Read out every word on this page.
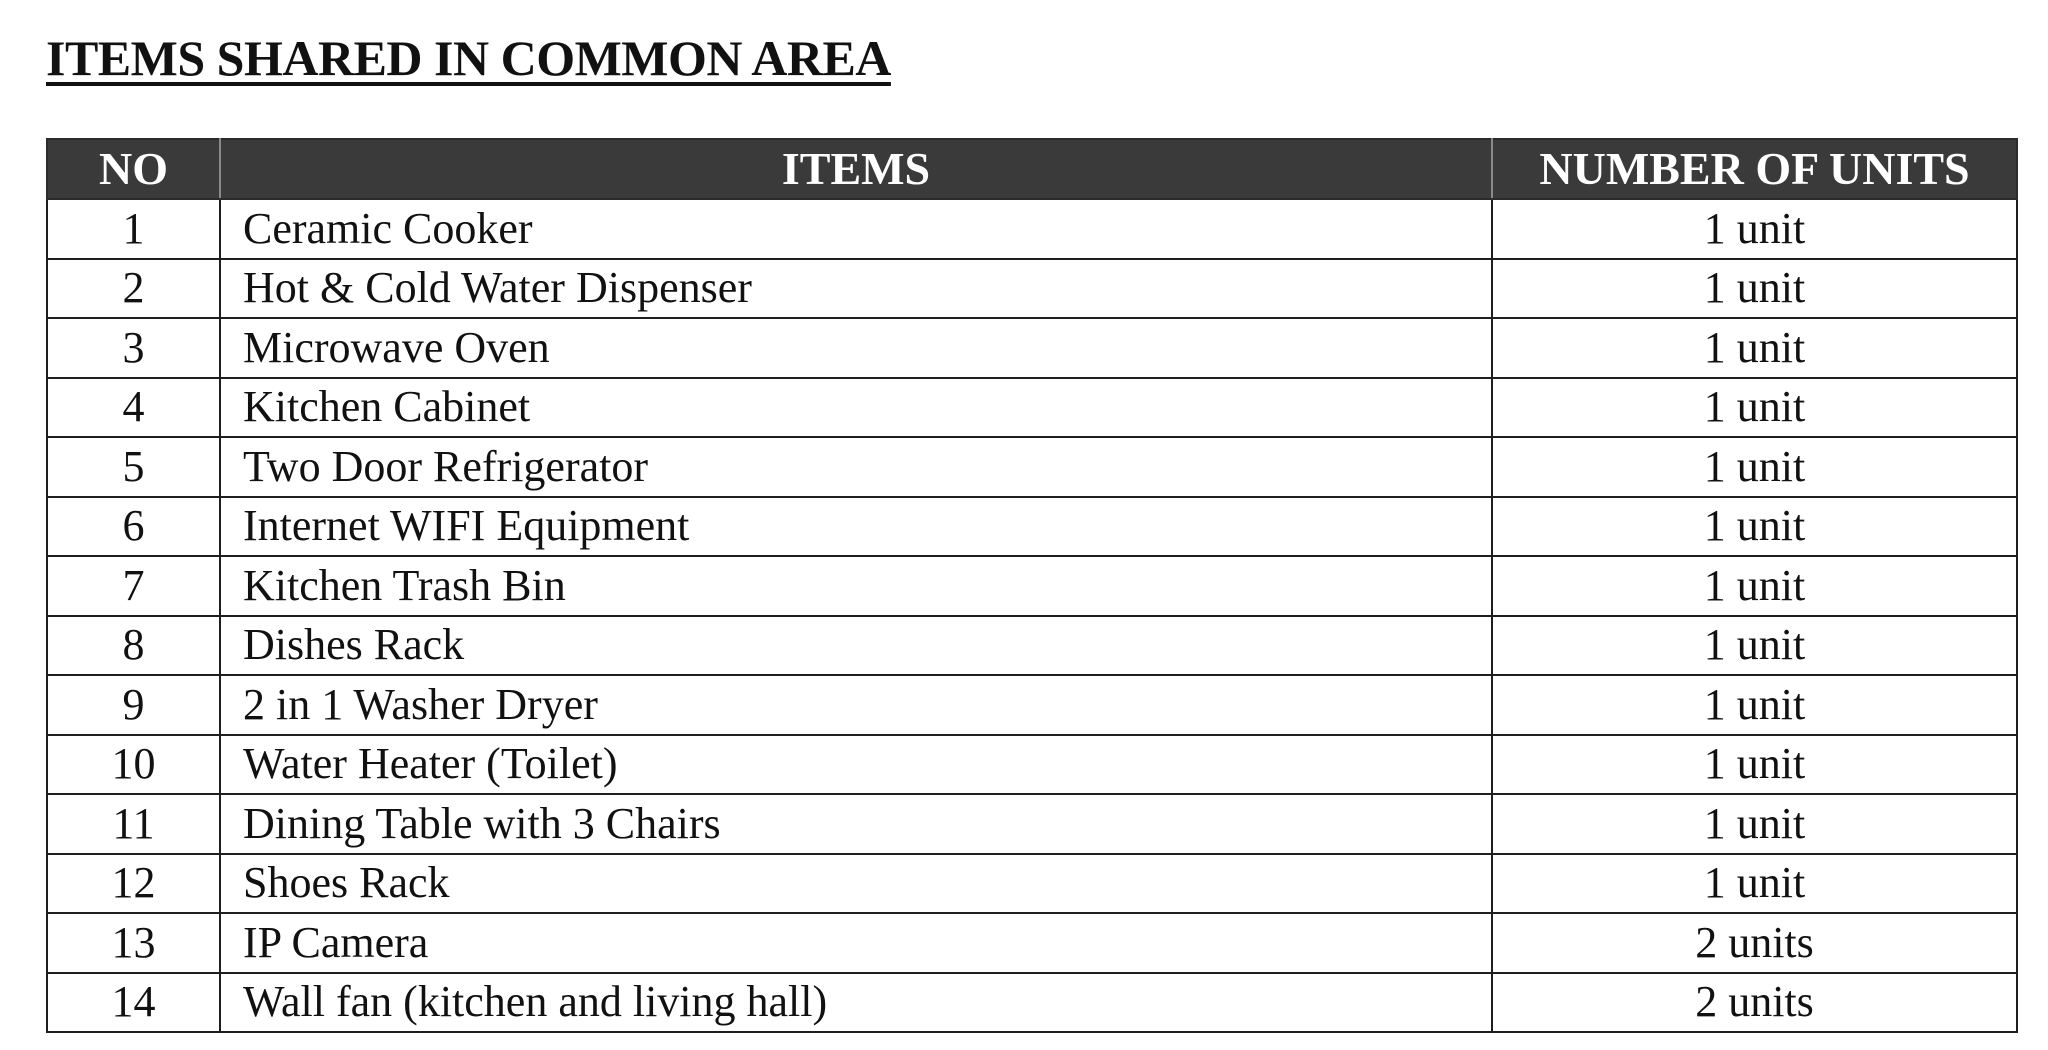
ITEMS SHARED IN COMMON AREA
NO	ITEMS	NUMBER OF UNITS
1	Ceramic Cooker	1 unit
2	Hot & Cold Water Dispenser	1 unit
3	Microwave Oven	1 unit
4	Kitchen Cabinet	1 unit
5	Two Door Refrigerator	1 unit
6	Internet WIFI Equipment	1 unit
7	Kitchen Trash Bin	1 unit
8	Dishes Rack	1 unit
9	2 in 1 Washer Dryer	1 unit
10	Water Heater (Toilet)	1 unit
11	Dining Table with 3 Chairs	1 unit
12	Shoes Rack	1 unit
13	IP Camera	2 units
14	Wall fan (kitchen and living hall)	2 units
